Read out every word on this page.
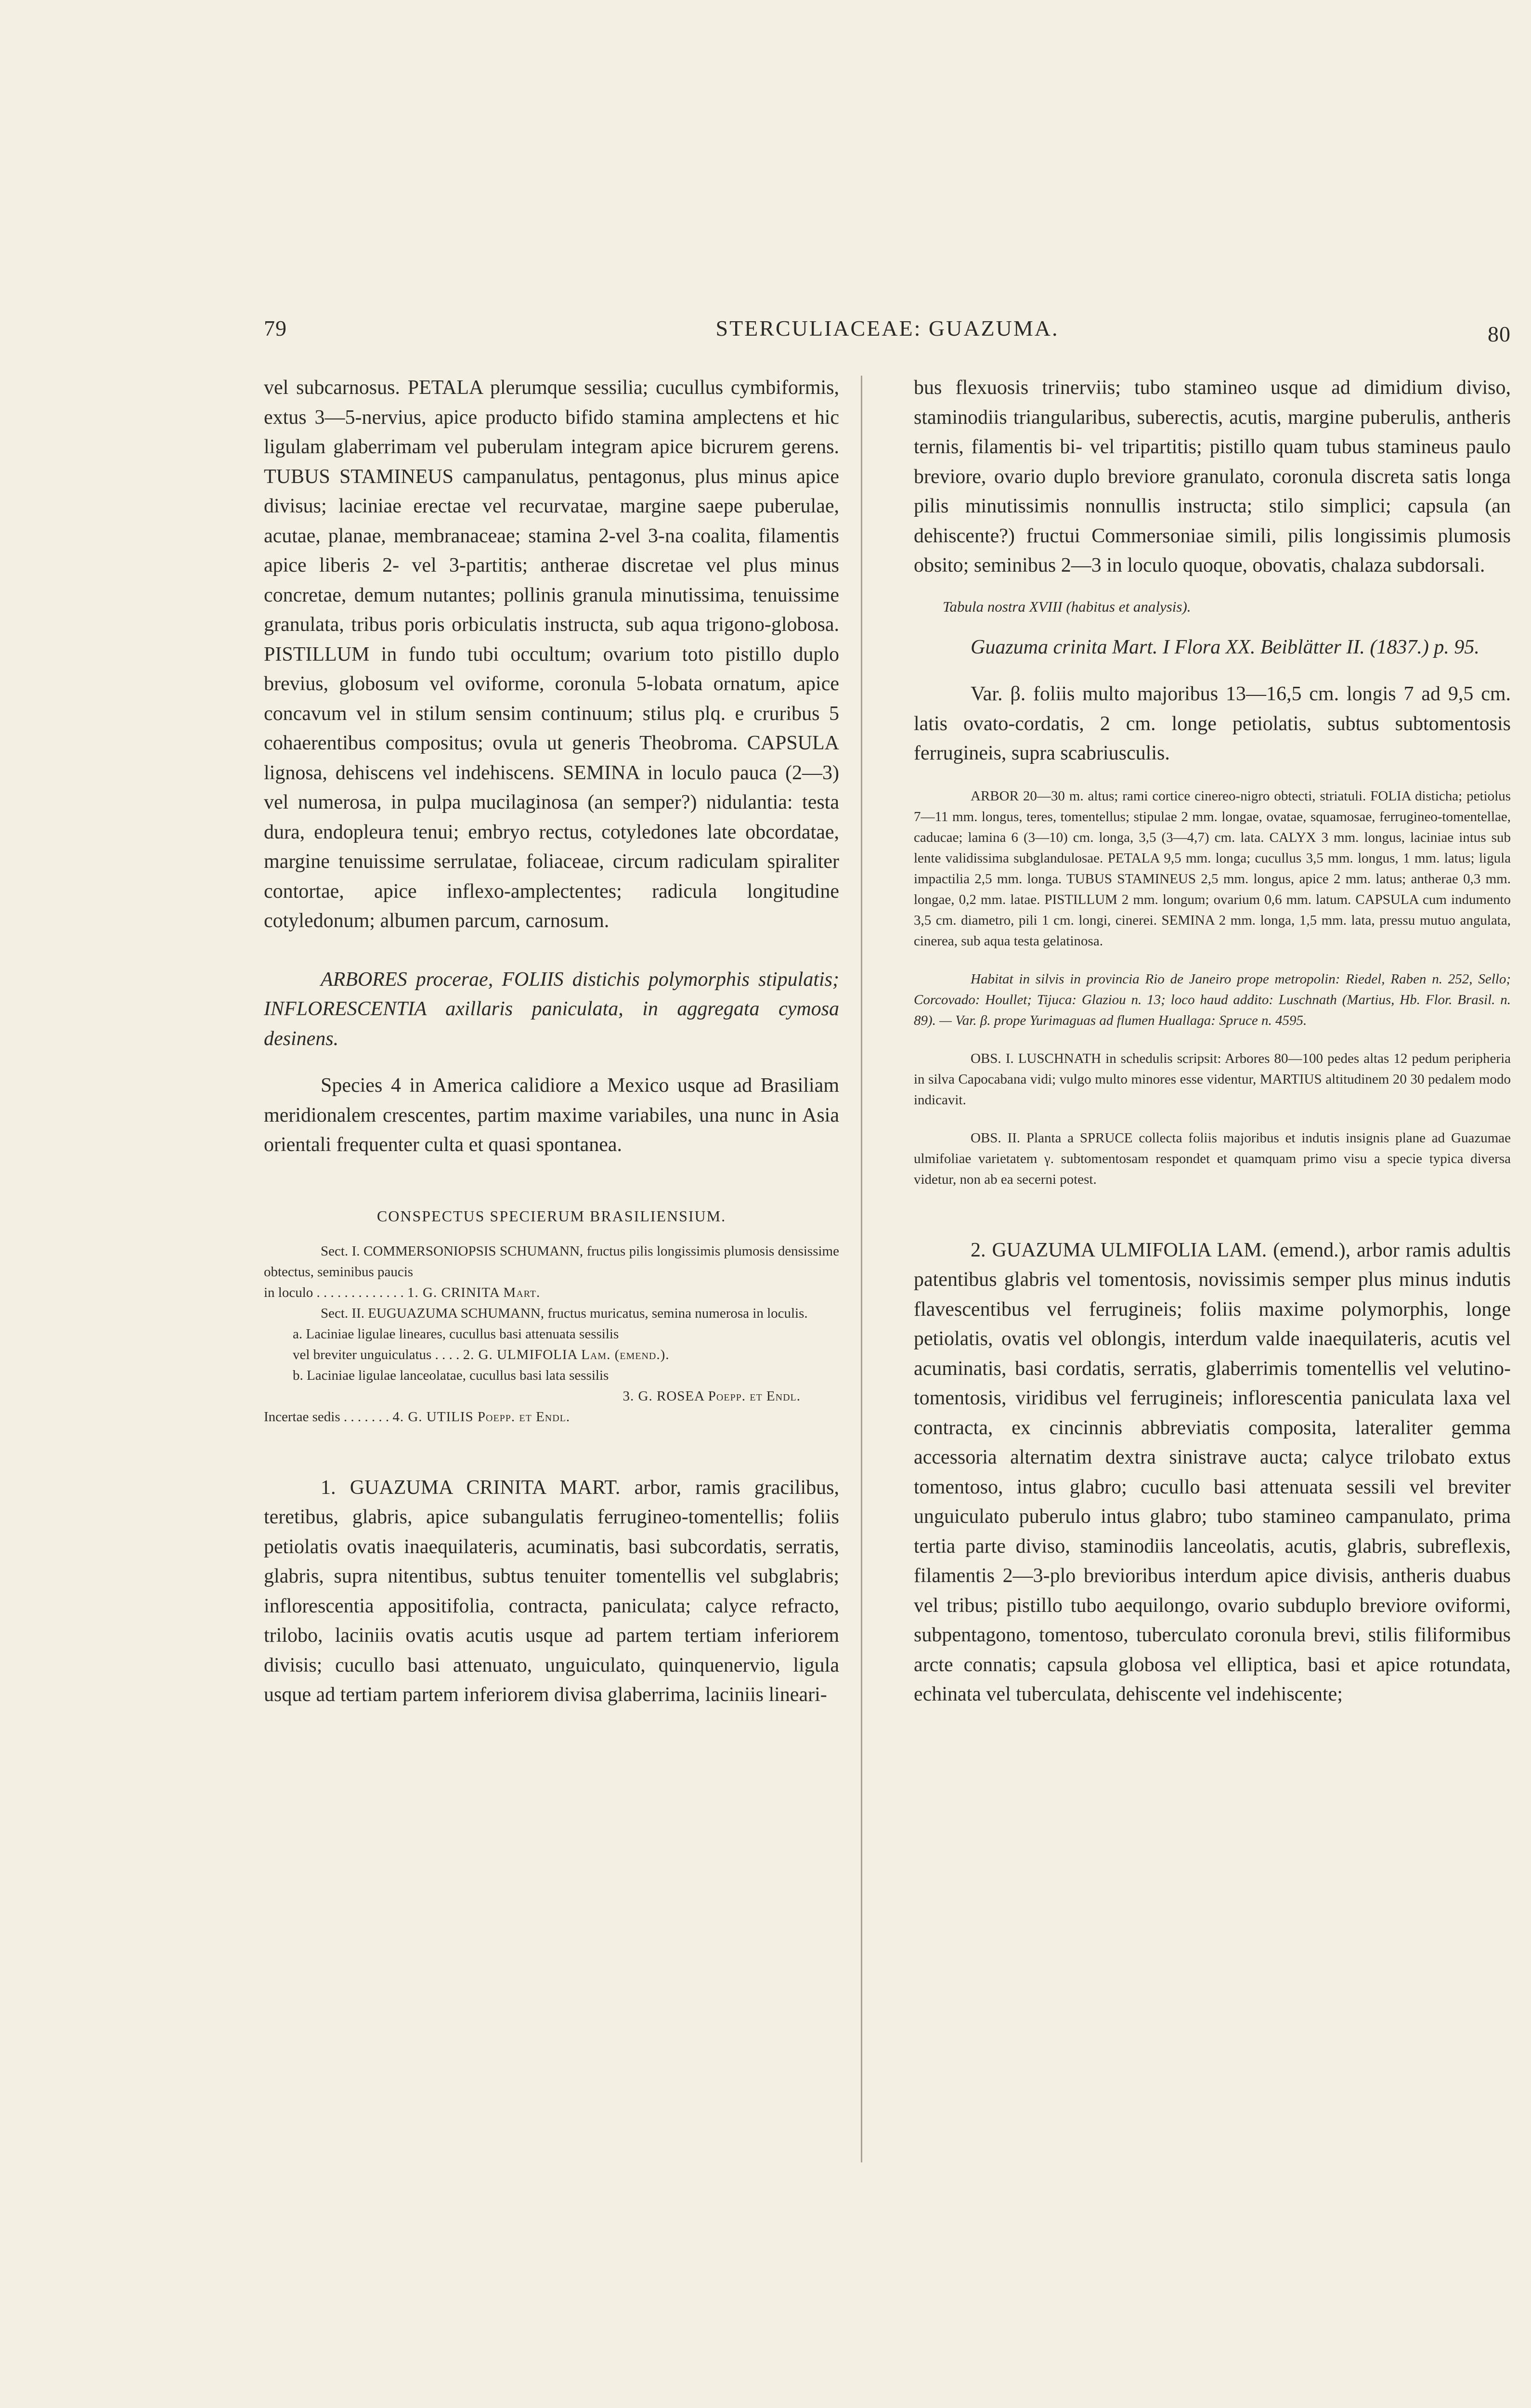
79	STERCULIACEAE: GUAZUMA.	80

vel subcarnosus. PETALA plerumque sessilia; cucullus cymbiformis, extus 3—5-nervius, apice producto bifido stamina amplectens et hic ligulam glaberrimam vel puberulam integram apice bicrurem gerens. TUBUS STAMINEUS campanulatus, pentagonus, plus minus apice divisus; laciniae erectae vel recurvatae, margine saepe puberulae, acutae, planae, membranaceae; stamina 2-vel 3-na coalita, filamentis apice liberis 2- vel 3-partitis; antherae discretae vel plus minus concretae, demum nutantes; pollinis granula minutissima, tenuissime granulata, tribus poris orbiculatis instructa, sub aqua trigono-globosa. PISTILLUM in fundo tubi occultum; ovarium toto pistillo duplo brevius, globosum vel oviforme, coronula 5-lobata ornatum, apice concavum vel in stilum sensim continuum; stilus plq. e cruribus 5 cohaerentibus compositus; ovula ut generis Theobroma. CAPSULA lignosa, dehiscens vel indehiscens. SEMINA in loculo pauca (2—3) vel numerosa, in pulpa mucilaginosa (an semper?) nidulantia: testa dura, endopleura tenui; embryo rectus, cotyledones late obcordatae, margine tenuissime serrulatae, foliaceae, circum radiculam spiraliter contortae, apice inflexo-amplectentes; radicula longitudine cotyledonum; albumen parcum, carnosum.

ARBORES procerae, FOLIIS distichis polymorphis stipulatis; INFLORESCENTIA axillaris paniculata, in aggregata cymosa desinens.

Species 4 in America calidiore a Mexico usque ad Brasiliam meridionalem crescentes, partim maxime variabiles, una nunc in Asia orientali frequenter culta et quasi spontanea.

CONSPECTUS SPECIERUM BRASILIENSIUM.

Sect. I. COMMERSONIOPSIS SCHUMANN, fructus pilis longissimis plumosis densissime obtectus, seminibus paucis

in loculo . . . . . . . . . . . . . 1. G. CRINITA Mart.

Sect. II. EUGUAZUMA SCHUMANN, fructus muricatus, semina numerosa in loculis.

a. Laciniae ligulae lineares, cucullus basi attenuata sessilis

vel breviter unguiculatus . . . . 2. G. ULMIFOLIA Lam. (emend.).

b. Laciniae ligulae lanceolatae, cucullus basi lata sessilis

3. G. ROSEA Poepp. et Endl.

Incertae sedis . . . . . . . 4. G. UTILIS Poepp. et Endl.

1. GUAZUMA CRINITA MART. arbor, ramis gracilibus, teretibus, glabris, apice subangulatis ferrugineo-tomentellis; foliis petiolatis ovatis inaequilateris, acuminatis, basi subcordatis, serratis, glabris, supra nitentibus, subtus tenuiter tomentellis vel subglabris; inflorescentia appositifolia, contracta, paniculata; calyce refracto, trilobo, laciniis ovatis acutis usque ad partem tertiam inferiorem divisis; cucullo basi attenuato, unguiculato, quinquenervio, ligula usque ad tertiam partem inferiorem divisa glaberrima, laciniis lineari-

bus flexuosis trinerviis; tubo stamineo usque ad dimidium diviso, staminodiis triangularibus, suberectis, acutis, margine puberulis, antheris ternis, filamentis bi- vel tripartitis; pistillo quam tubus stamineus paulo breviore, ovario duplo breviore granulato, coronula discreta satis longa pilis minutissimis nonnullis instructa; stilo simplici; capsula (an dehiscente?) fructui Commersoniae simili, pilis longissimis plumosis obsito; seminibus 2—3 in loculo quoque, obovatis, chalaza subdorsali.

Tabula nostra XVIII (habitus et analysis).

Guazuma crinita Mart. I Flora XX. Beiblätter II. (1837.) p. 95.

Var. β. foliis multo majoribus 13—16,5 cm. longis 7 ad 9,5 cm. latis ovato-cordatis, 2 cm. longe petiolatis, subtus subtomentosis ferrugineis, supra scabriusculis.

ARBOR 20—30 m. altus; rami cortice cinereo-nigro obtecti, striatuli. FOLIA disticha; petiolus 7—11 mm. longus, teres, tomentellus; stipulae 2 mm. longae, ovatae, squamosae, ferrugineo-tomentellae, caducae; lamina 6 (3—10) cm. longa, 3,5 (3—4,7) cm. lata. CALYX 3 mm. longus, laciniae intus sub lente validissima subglandulosae. PETALA 9,5 mm. longa; cucullus 3,5 mm. longus, 1 mm. latus; ligula impactilia 2,5 mm. longa. TUBUS STAMINEUS 2,5 mm. longus, apice 2 mm. latus; antherae 0,3 mm. longae, 0,2 mm. latae. PISTILLUM 2 mm. longum; ovarium 0,6 mm. latum. CAPSULA cum indumento 3,5 cm. diametro, pili 1 cm. longi, cinerei. SEMINA 2 mm. longa, 1,5 mm. lata, pressu mutuo angulata, cinerea, sub aqua testa gelatinosa.

Habitat in silvis in provincia Rio de Janeiro prope metropolin: Riedel, Raben n. 252, Sello; Corcovado: Houllet; Tijuca: Glaziou n. 13; loco haud addito: Luschnath (Martius, Hb. Flor. Brasil. n. 89). — Var. β. prope Yurimaguas ad flumen Huallaga: Spruce n. 4595.

OBS. I. LUSCHNATH in schedulis scripsit: Arbores 80—100 pedes altas 12 pedum peripheria in silva Capocabana vidi; vulgo multo minores esse videntur, MARTIUS altitudinem 20 30 pedalem modo indicavit.

OBS. II. Planta a SPRUCE collecta foliis majoribus et indutis insignis plane ad Guazumae ulmifoliae varietatem γ. subtomentosam respondet et quamquam primo visu a specie typica diversa videtur, non ab ea secerni potest.

2. GUAZUMA ULMIFOLIA LAM. (emend.), arbor ramis adultis patentibus glabris vel tomentosis, novissimis semper plus minus indutis flavescentibus vel ferrugineis; foliis maxime polymorphis, longe petiolatis, ovatis vel oblongis, interdum valde inaequilateris, acutis vel acuminatis, basi cordatis, serratis, glaberrimis tomentellis vel velutino-tomentosis, viridibus vel ferrugineis; inflorescentia paniculata laxa vel contracta, ex cincinnis abbreviatis composita, lateraliter gemma accessoria alternatim dextra sinistrave aucta; calyce trilobato extus tomentoso, intus glabro; cucullo basi attenuata sessili vel breviter unguiculato puberulo intus glabro; tubo stamineo campanulato, prima tertia parte diviso, staminodiis lanceolatis, acutis, glabris, subreflexis, filamentis 2—3-plo brevioribus interdum apice divisis, antheris duabus vel tribus; pistillo tubo aequilongo, ovario subduplo breviore oviformi, subpentagono, tomentoso, tuberculato coronula brevi, stilis filiformibus arcte connatis; capsula globosa vel elliptica, basi et apice rotundata, echinata vel tuberculata, dehiscente vel indehiscente;
